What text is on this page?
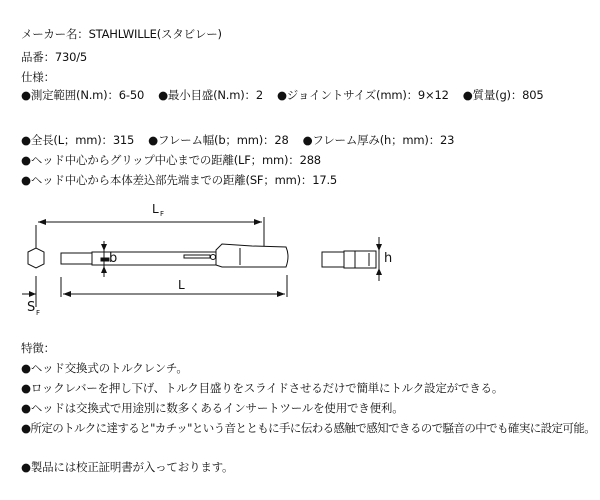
メーカー名：STAHLWILLE(スタビレー)
品番：730/5
仕様：
●測定範囲(N.m)：6-50 ●最小目盛(N.m)：2 ●ジョイントサイズ(mm)：9×12 ●質量(g)：805
●全長(L；mm)：315 ●フレーム幅(b；mm)：28 ●フレーム厚み(h；mm)：23
●ヘッド中心からグリップ中心までの距離(LF；mm)：288
●ヘッド中心から本体差込部先端までの距離(SF；mm)：17.5
L F
b
L
S F
h
特徴：
●ヘッド交換式のトルクレンチ。
●ロックレバーを押し下げ、トルク目盛りをスライドさせるだけで簡単にトルク設定ができる。
●ヘッドは交換式で用途別に数多くあるインサートツールを使用でき便利。
●所定のトルクに達すると"カチッ"という音とともに手に伝わる感触で感知できるので騒音の中でも確実に設定可能。
●製品には校正証明書が入っております。
